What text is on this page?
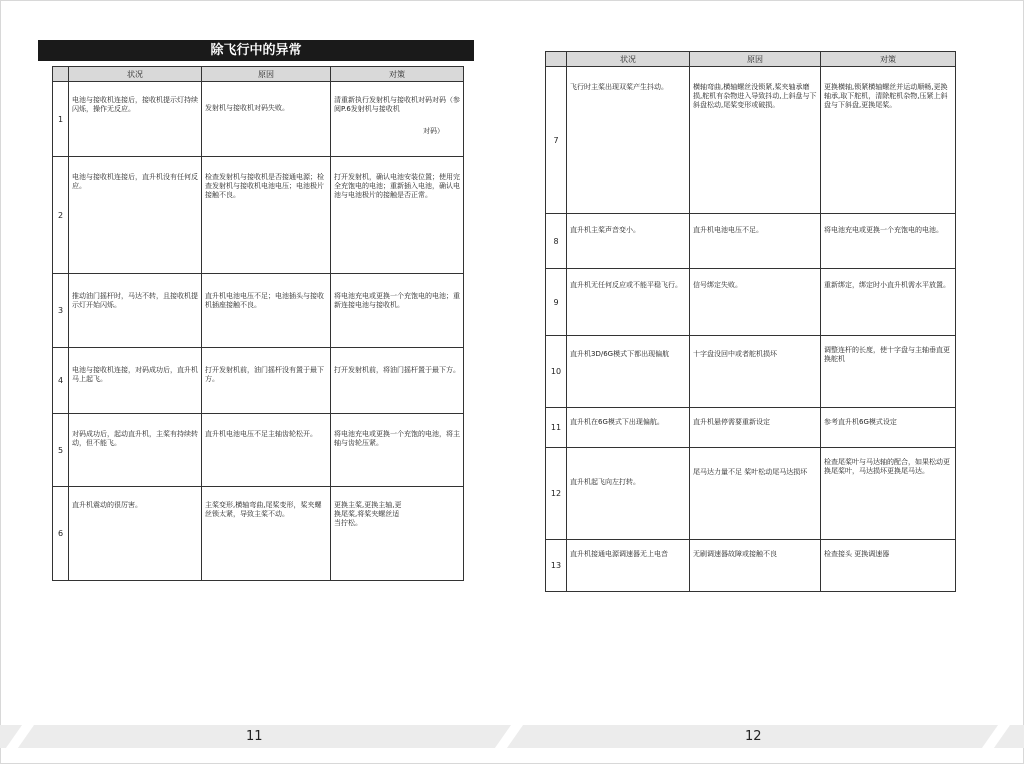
除飞行中的异常
	状况	原因	对策
1	电池与接收机连接后，接收机提示灯持续闪烁，操作无反应。	发射机与接收机对码失败。	清重新执行发射机与接收机对码对码（参阅P.6发射机与接收机
对码）

2	电池与接收机连接后，直升机没有任何反应。	检查发射机与接收机是否接通电源；检查发射机与接收机电池电压；电池极片接触不良。	打开发射机，确认电池安装位置；使用完全充饱电的电池；重新插入电池，确认电池与电池极片的接触是否正常。
3	推动油门摇杆时，马达不转，且接收机提示灯开始闪烁。	直升机电池电压不足；电池插头与接收机插座接触不良。	将电池充电或更换一个充饱电的电池；重新连接电池与接收机。
4	电池与接收机连接，对码成功后，直升机马上起飞。	打开发射机前，油门摇杆没有置于最下方。	打开发射机前，将油门摇杆置于最下方。
5	对码成功后，起动直升机，主桨有持续转动，但不能飞。	直升机电池电压不足主轴齿轮松开。	将电池充电或更换一个充饱的电池，将主轴与齿轮压紧。
6	直升机震动的很厉害。	主桨变形,横轴弯曲,尾桨变形，桨夹螺丝锁太紧，导致主桨不动。	更换主桨,更换主轴,更换尾桨,将桨夹螺丝适当拧松。
	状况	原因	对策
7	飞行时主桨出现双桨产生抖动。	横轴弯曲,横轴螺丝没锁紧,桨夹轴承磨损,舵机有杂物进入导致抖动,上斜盘与下斜盘松动,尾桨变形或破损。	更换横轴,锁紧横轴螺丝并运动顺畅,更换轴承,取下舵机，清除舵机杂物,压紧上斜盘与下斜盘,更换尾桨。
8	直升机主桨声音变小。	直升机电池电压不足。	将电池充电或更换一个充饱电的电池。
9	直升机无任何反应或不能平稳飞行。	信号绑定失败。	重新绑定，绑定时小直升机需水平放置。
10	直升机3D/6G模式下都出现偏航	十字盘没回中或者舵机损坏	调整连杆的长度，使十字盘与主轴垂直更换舵机
11	直升机在6G模式下出现偏航。	直升机悬停需要重新设定	参考直升机6G模式设定
12	直升机起飞向左打转。	尾马达力量不足 桨叶松动尾马达损坏	检查尾桨叶与马达轴的配合，如果松动更换尾桨叶，马达损坏更换尾马达。
13	直升机接通电源调速器无上电音	无刷调速器故障或接触不良	检查接头 更换调速器
11	12
